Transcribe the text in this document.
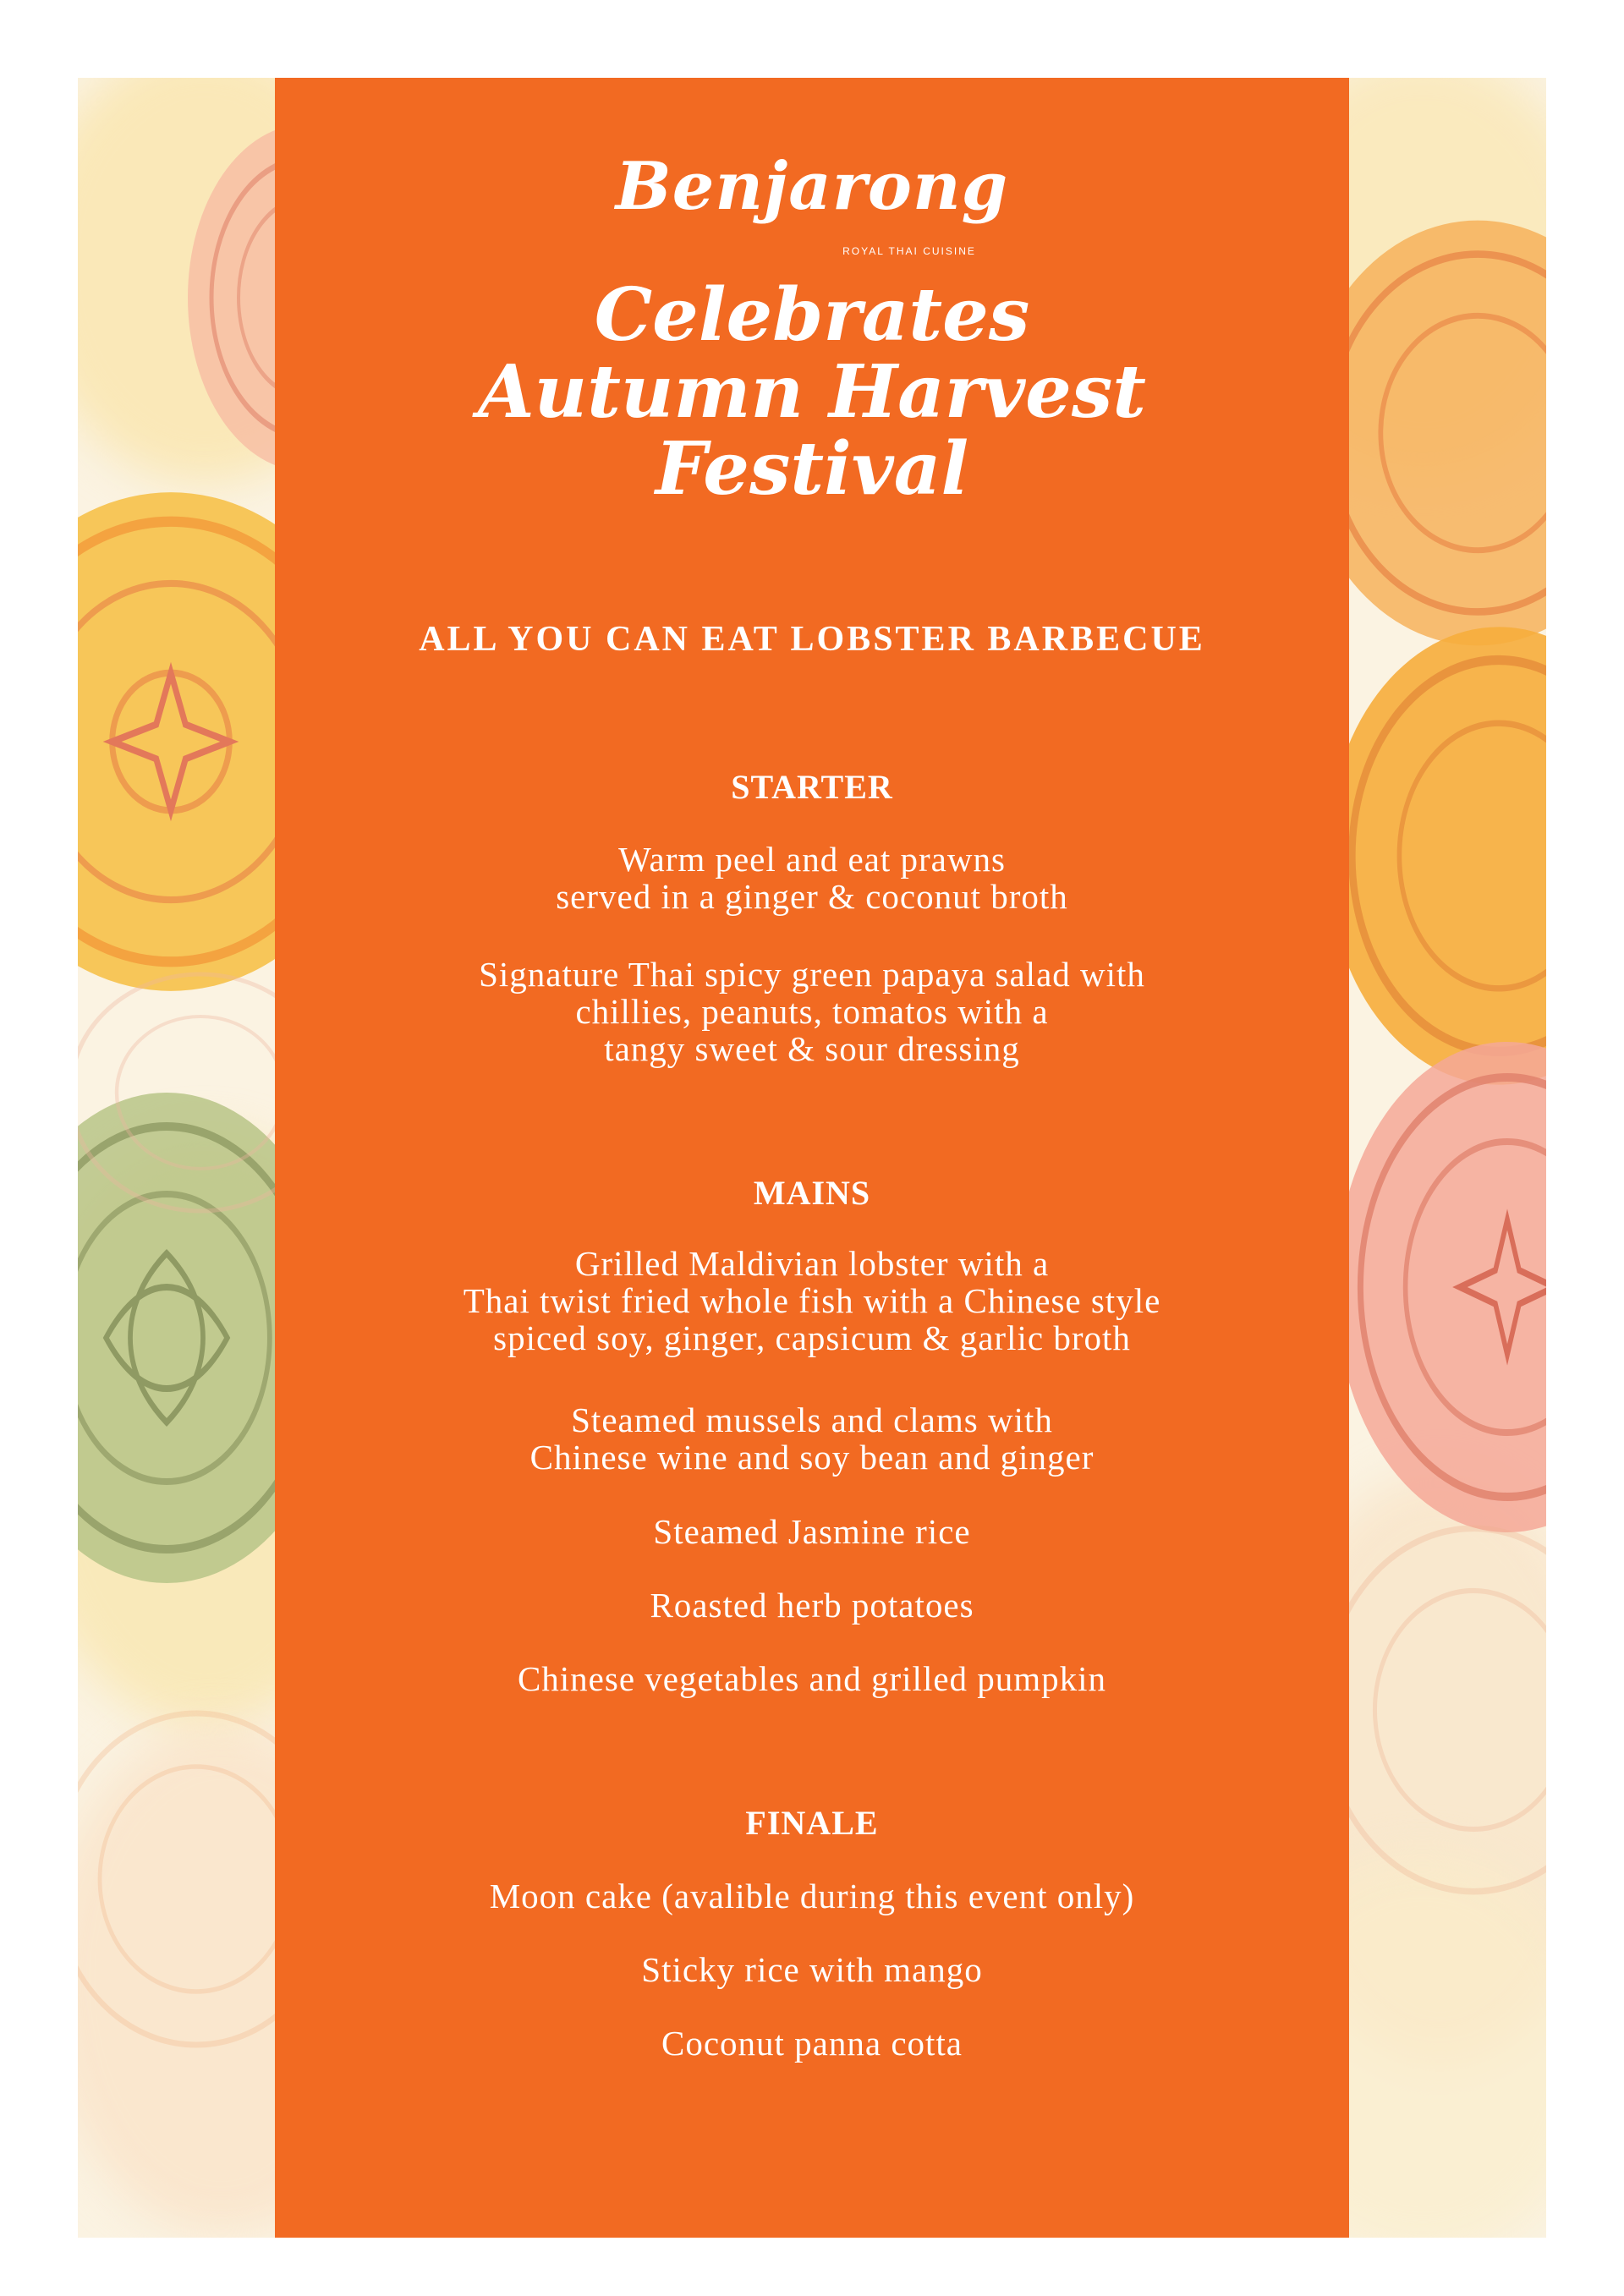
Benjarong
ROYAL THAI CUISINE
Celebrates
Autumn Harvest
Festival
ALL YOU CAN EAT LOBSTER BARBECUE
STARTER
Warm peel and eat prawns
served in a ginger & coconut broth
Signature Thai spicy green papaya salad with
chillies, peanuts, tomatos with a
tangy sweet & sour dressing
MAINS
Grilled Maldivian lobster with a
Thai twist fried whole fish with a Chinese style
spiced soy, ginger, capsicum & garlic broth
Steamed mussels and clams with
Chinese wine and soy bean and ginger
Steamed Jasmine rice
Roasted herb potatoes
Chinese vegetables and grilled pumpkin
FINALE
Moon cake (avalible during this event only)
Sticky rice with mango
Coconut panna cotta
